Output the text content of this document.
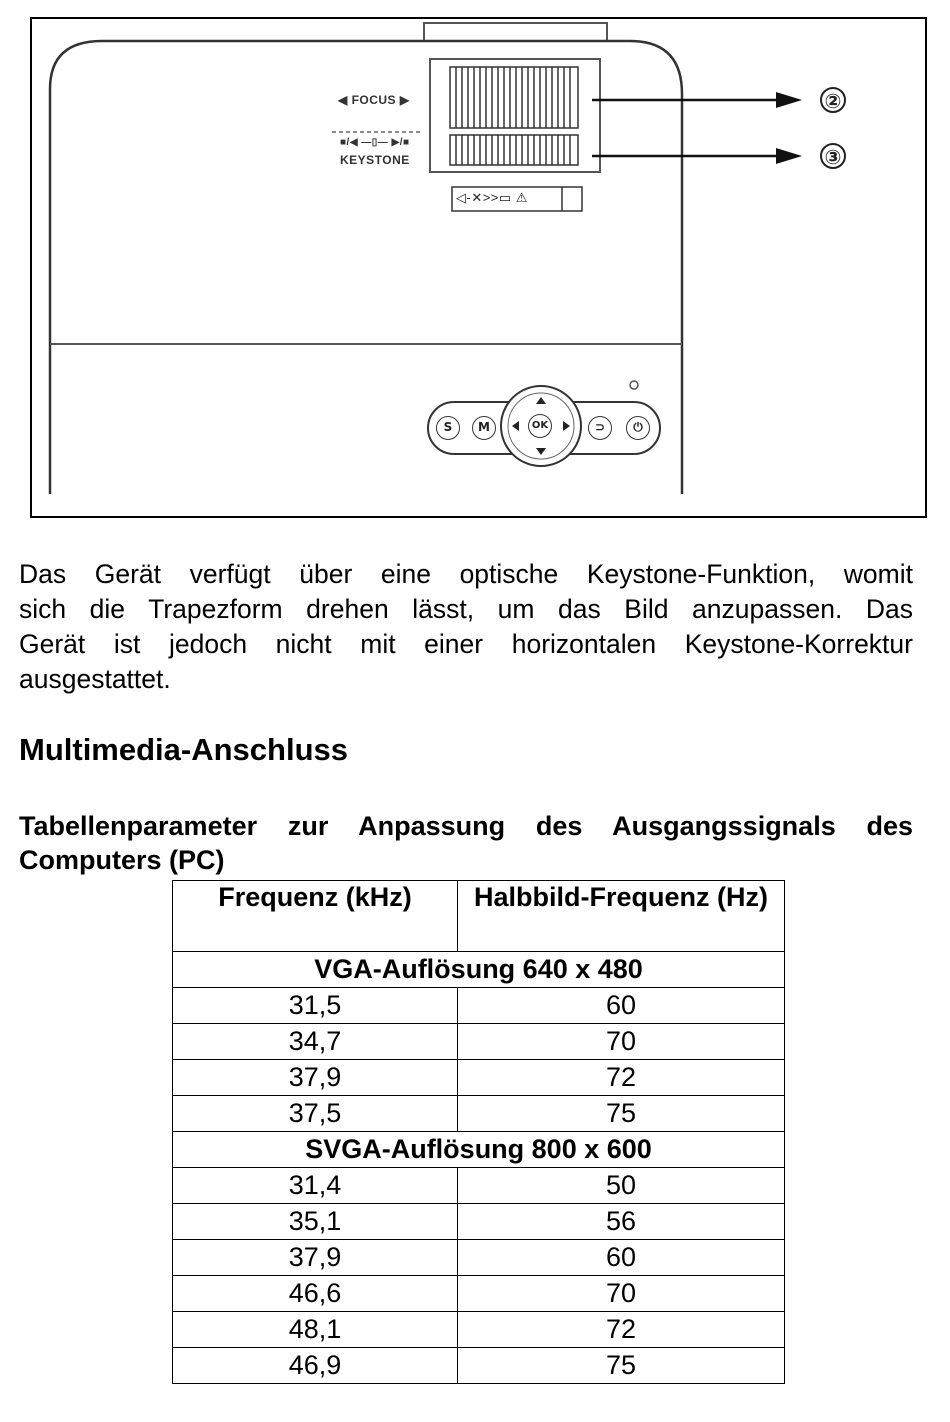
◀ FOCUS ▶
■/◀ —▯— ▶/■
KEYSTONE
◁-✕>>▭ ⚠
②
③
S	M	OK	⊃	⏻
Das Gerät verfügt über eine optische Keystone-Funktion, womit
sich die Trapezform drehen lässt, um das Bild anzupassen. Das
Gerät ist jedoch nicht mit einer horizontalen Keystone-Korrektur
ausgestattet.
Multimedia-Anschluss
Tabellenparameter zur Anpassung des Ausgangssignals des
Computers (PC)
Frequenz (kHz)	Halbbild-Frequenz (Hz)
VGA-Auflösung 640 x 480	
31,5	60
34,7	70
37,9	72
37,5	75
SVGA-Auflösung 800 x 600	
31,4	50
35,1	56
37,9	60
46,6	70
48,1	72
46,9	75
